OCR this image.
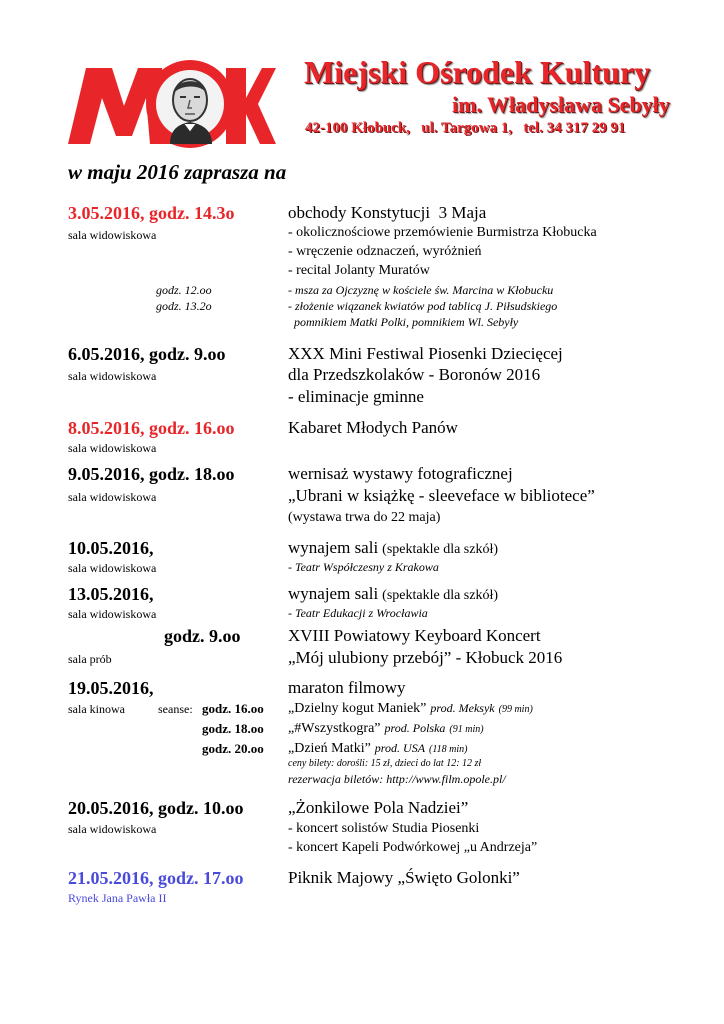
Miejski Ośrodek Kultury
im. Władysława Sebyły
42-100 Kłobuck,   ul. Targowa 1,   tel. 34 317 29 91
w maju 2016 zaprasza na
3.05.2016, godz. 14.3o
sala widowiskowa
obchody Konstytucji  3 Maja
- okolicznościowe przemówienie Burmistrza Kłobucka
- wręczenie odznaczeń, wyróżnień
- recital Jolanty Muratów
godz. 12.oo
godz. 13.2o
- msza za Ojczyznę w kościele św. Marcina w Kłobucku
- złożenie wiązanek kwiatów pod tablicą J. Piłsudskiego
pomnikiem Matki Polki, pomnikiem Wl. Sebyły
6.05.2016, godz. 9.oo
sala widowiskowa
XXX Mini Festiwal Piosenki Dziecięcej
dla Przedszkolaków - Boronów 2016
- eliminacje gminne
8.05.2016, godz. 16.oo
sala widowiskowa
Kabaret Młodych Panów
9.05.2016, godz. 18.oo
sala widowiskowa
wernisaż wystawy fotograficznej
„Ubrani w książkę - sleeveface w bibliotece”
(wystawa trwa do 22 maja)
10.05.2016,
sala widowiskowa
wynajem sali (spektakle dla szkół)
- Teatr Współczesny z Krakowa
13.05.2016,
sala widowiskowa
wynajem sali (spektakle dla szkół)
- Teatr Edukacji z Wrocławia
godz. 9.oo
sala prób
XVIII Powiatowy Keyboard Koncert
„Mój ulubiony przebój” - Kłobuck 2016
19.05.2016,	maraton filmowy
sala kinowa	seanse: godz. 16.oo „Dzielny kogut Maniek” prod. Meksyk (99 min)
godz. 18.oo „#Wszystkogra” prod. Polska (91 min)
godz. 20.oo „Dzień Matki” prod. USA (118 min)
ceny bilety: dorośli: 15 zł, dzieci do lat 12: 12 zł
rezerwacja biletów: http://www.film.opole.pl/
20.05.2016, godz. 10.oo
sala widowiskowa
„Żonkilowe Pola Nadziei”
- koncert solistów Studia Piosenki
- koncert Kapeli Podwórkowej „u Andrzeja”
21.05.2016, godz. 17.oo
Rynek Jana Pawła II
Piknik Majowy „Święto Golonki”
